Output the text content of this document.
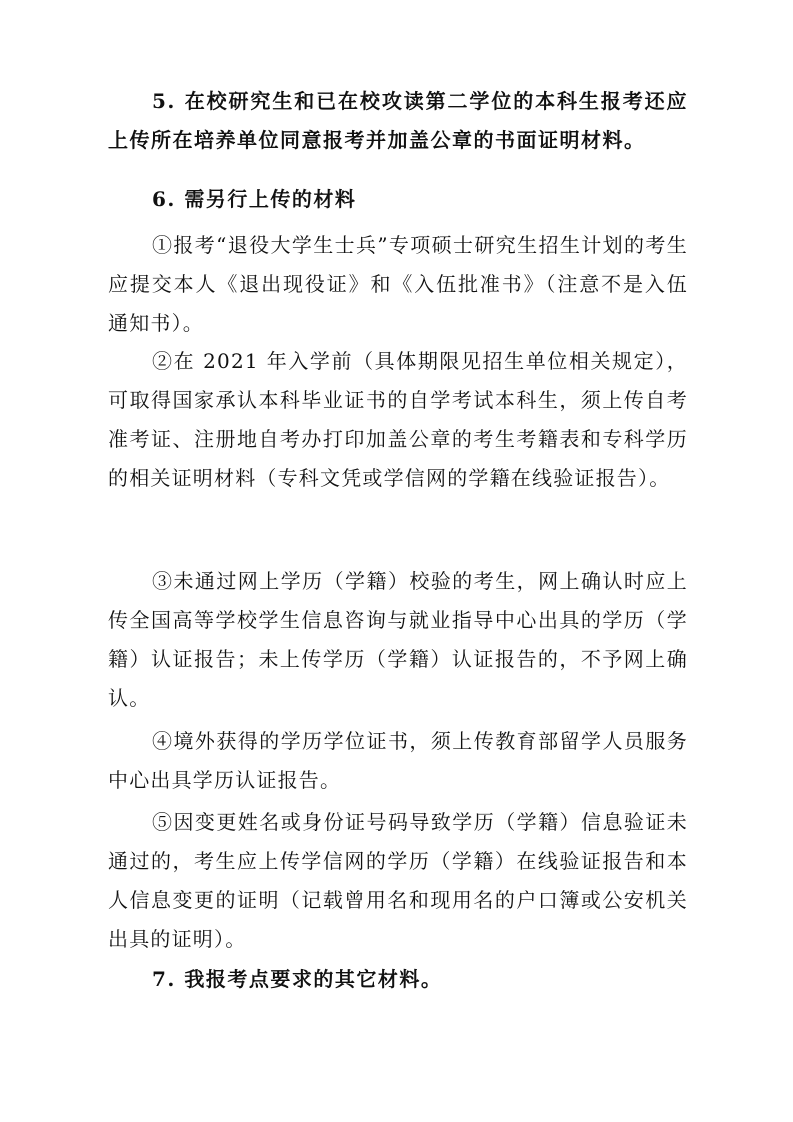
5. 在校研究生和已在校攻读第二学位的本科生报考还应上传所在培养单位同意报考并加盖公章的书面证明材料。

6. 需另行上传的材料

①报考“退役大学生士兵”专项硕士研究生招生计划的考生应提交本人《退出现役证》和《入伍批准书》（注意不是入伍通知书）。

②在 2021 年入学前（具体期限见招生单位相关规定），可取得国家承认本科毕业证书的自学考试本科生，须上传自考准考证、注册地自考办打印加盖公章的考生考籍表和专科学历的相关证明材料（专科文凭或学信网的学籍在线验证报告）。

③未通过网上学历（学籍）校验的考生，网上确认时应上传全国高等学校学生信息咨询与就业指导中心出具的学历（学籍）认证报告；未上传学历（学籍）认证报告的，不予网上确认。

④境外获得的学历学位证书，须上传教育部留学人员服务中心出具学历认证报告。

⑤因变更姓名或身份证号码导致学历（学籍）信息验证未通过的，考生应上传学信网的学历（学籍）在线验证报告和本人信息变更的证明（记载曾用名和现用名的户口簿或公安机关出具的证明）。

7. 我报考点要求的其它材料。
